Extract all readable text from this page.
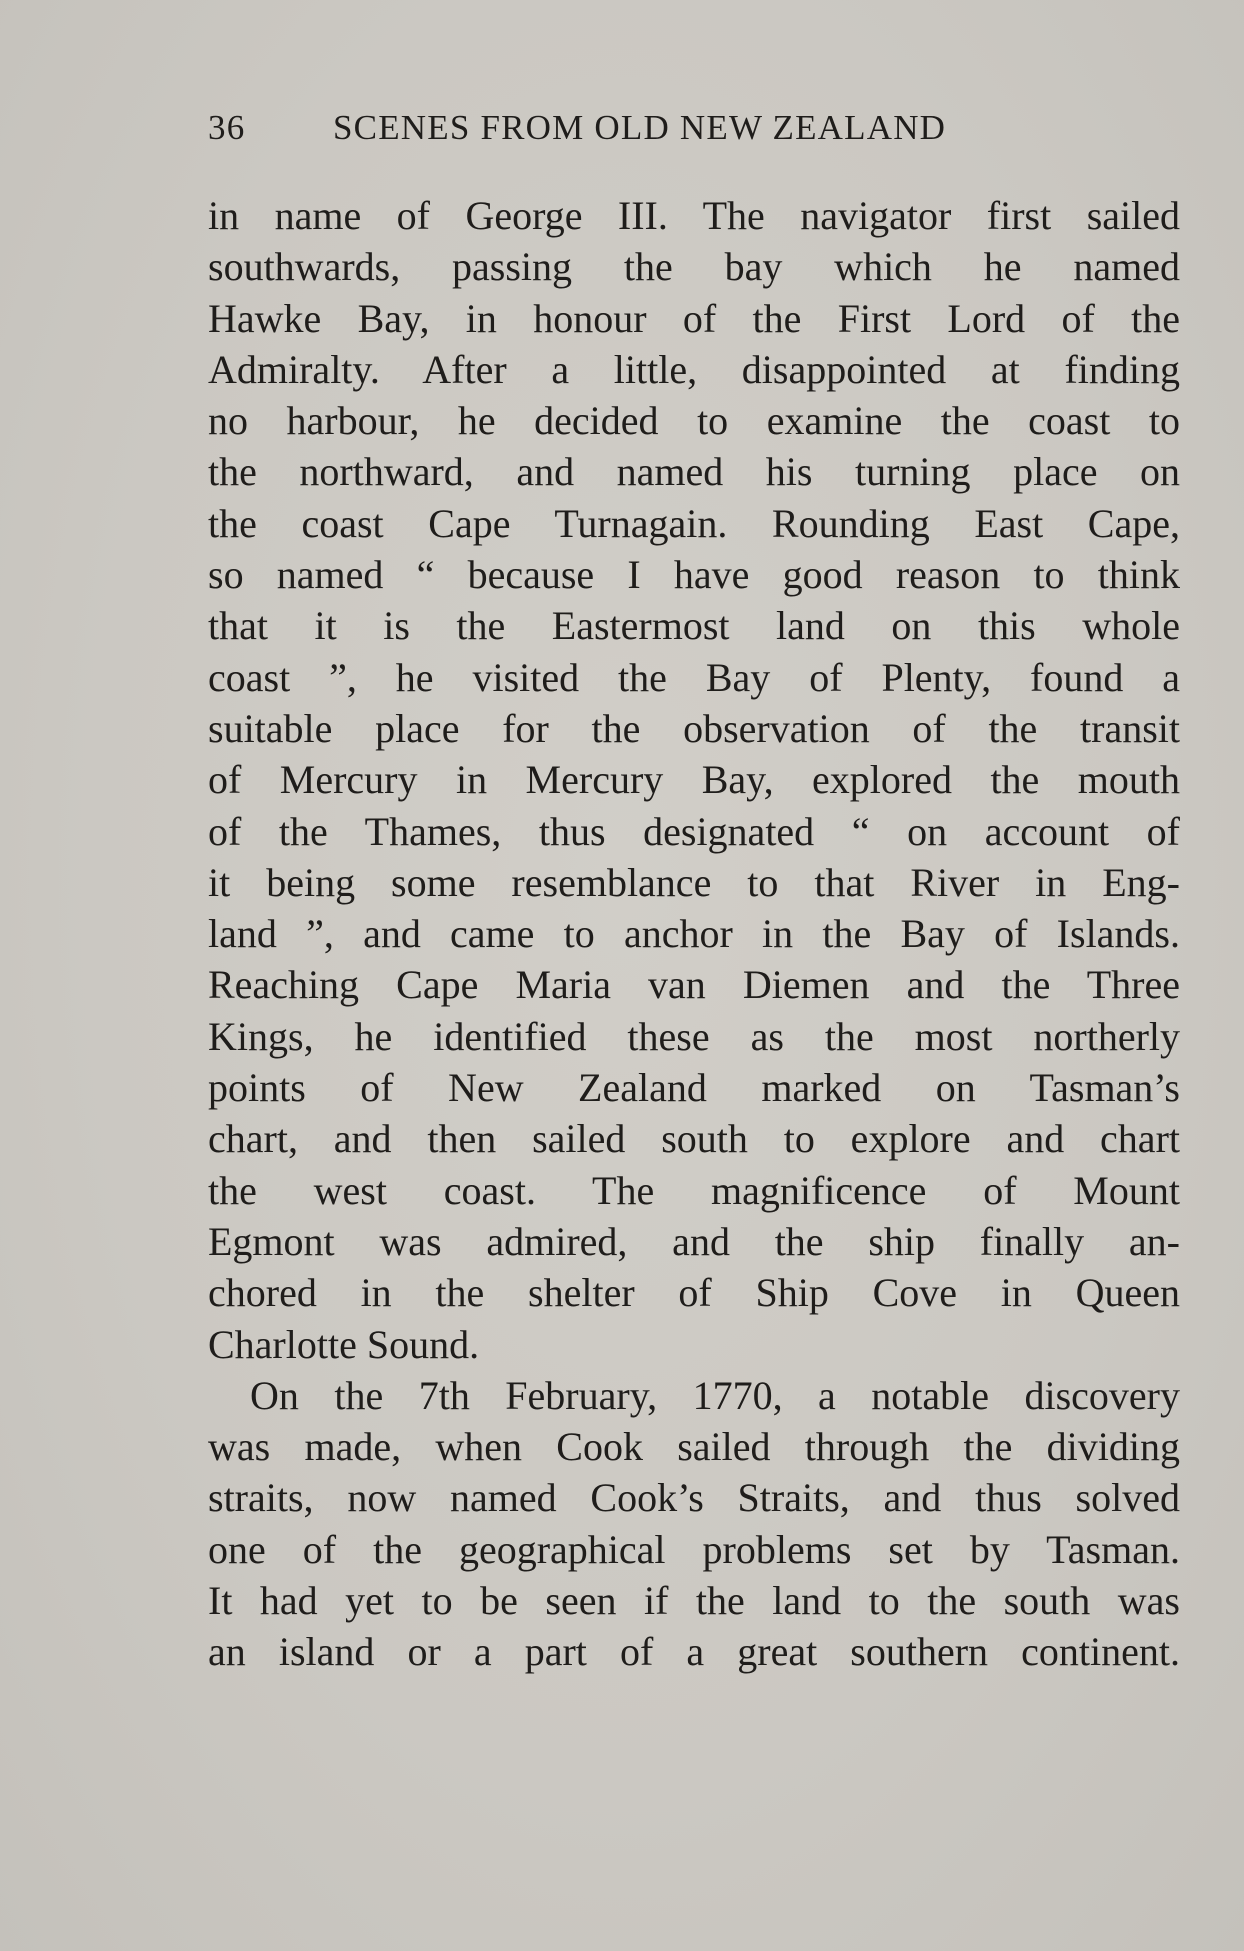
36	SCENES FROM OLD NEW ZEALAND
in name of George III. The navigator first sailed
southwards, passing the bay which he named
Hawke Bay, in honour of the First Lord of the
Admiralty. After a little, disappointed at finding
no harbour, he decided to examine the coast to
the northward, and named his turning place on
the coast Cape Turnagain. Rounding East Cape,
so named “ because I have good reason to think
that it is the Eastermost land on this whole
coast ”, he visited the Bay of Plenty, found a
suitable place for the observation of the transit
of Mercury in Mercury Bay, explored the mouth
of the Thames, thus designated “ on account of
it being some resemblance to that River in Eng-
land ”, and came to anchor in the Bay of Islands.
Reaching Cape Maria van Diemen and the Three
Kings, he identified these as the most northerly
points of New Zealand marked on Tasman’s
chart, and then sailed south to explore and chart
the west coast. The magnificence of Mount
Egmont was admired, and the ship finally an-
chored in the shelter of Ship Cove in Queen
Charlotte Sound.
On the 7th February, 1770, a notable discovery
was made, when Cook sailed through the dividing
straits, now named Cook’s Straits, and thus solved
one of the geographical problems set by Tasman.
It had yet to be seen if the land to the south was
an island or a part of a great southern continent.
